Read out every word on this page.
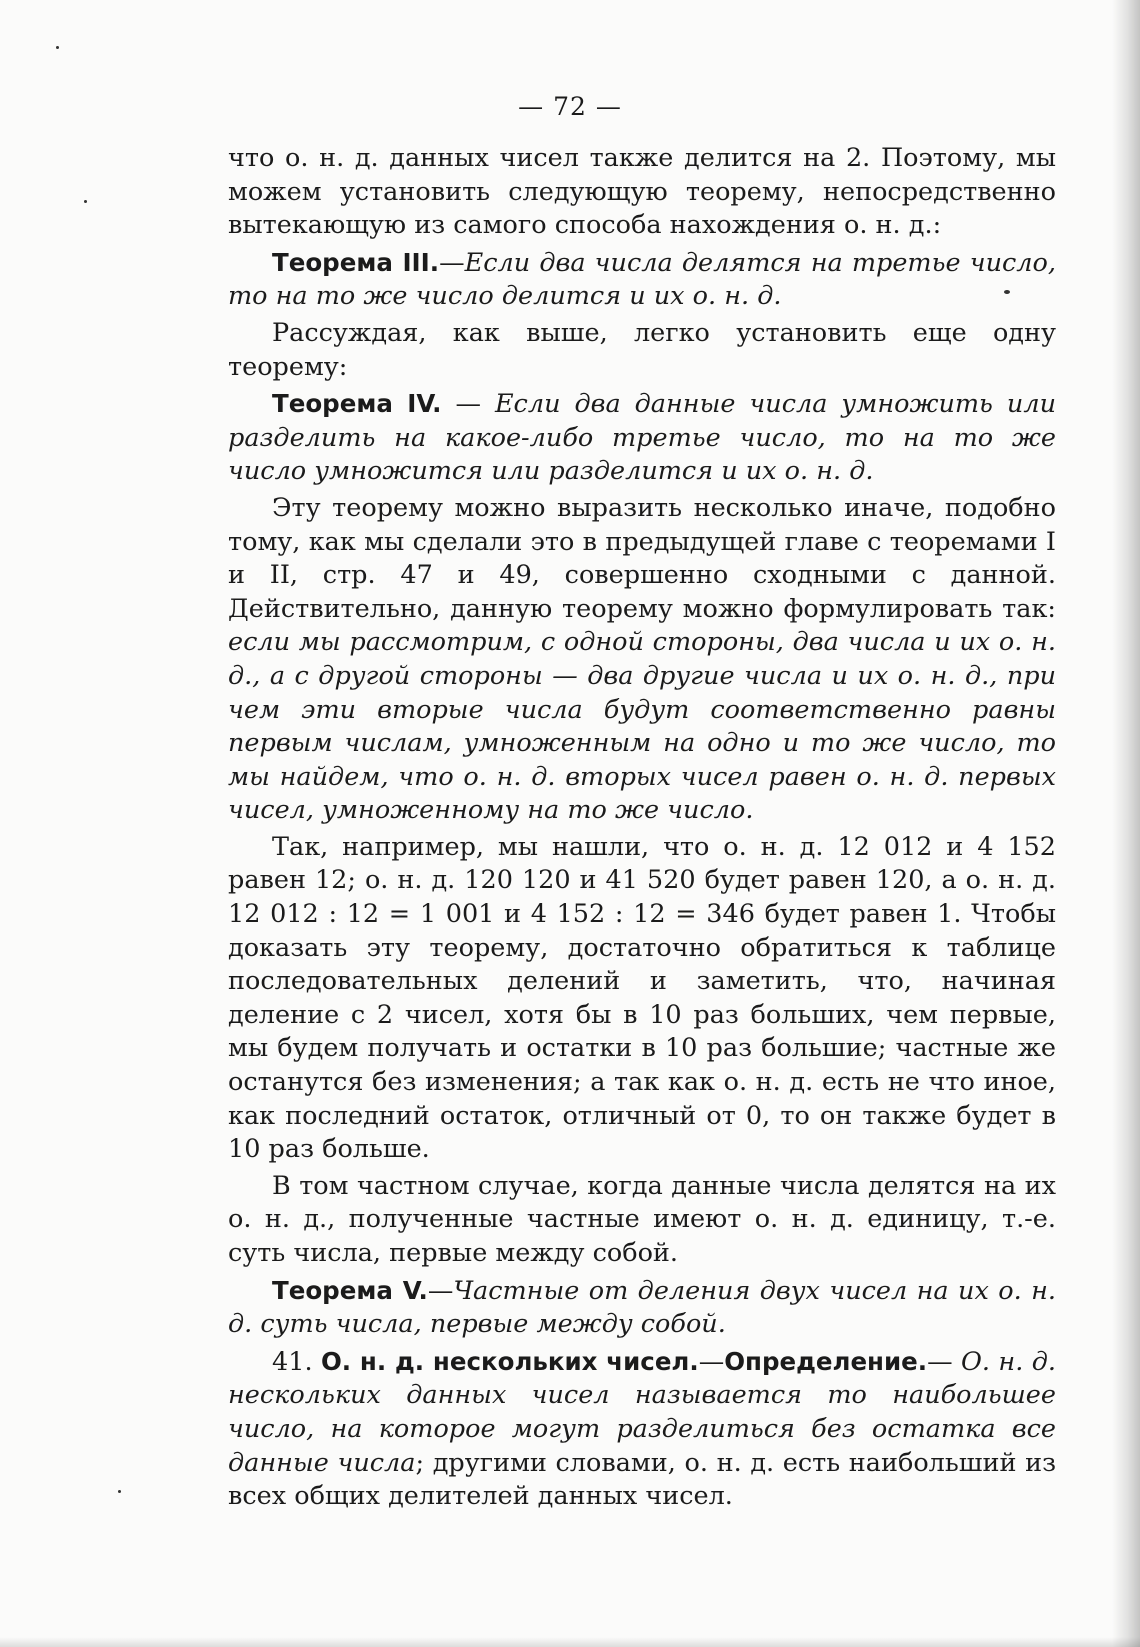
— 72 —

что о. н. д. данных чисел также делится на 2. Поэтому, мы можем установить следующую теорему, непосредственно вытекающую из самого способа нахождения о. н. д.:

Теорема III.—Если два числа делятся на третье число, то на то же число делится и их о. н. д.

Рассуждая, как выше, легко установить еще одну теорему:

Теорема IV. — Если два данные числа умножить или разделить на какое-либо третье число, то на то же число умножится или разделится и их о. н. д.

Эту теорему можно выразить несколько иначе, подобно тому, как мы сделали это в предыдущей главе с теоремами I и II, стр. 47 и 49, совершенно сходными с данной. Действительно, данную теорему можно формулировать так: если мы рассмотрим, с одной стороны, два числа и их о. н. д., а с другой стороны — два другие числа и их о. н. д., при чем эти вторые числа будут соответственно равны первым числам, умноженным на одно и то же число, то мы найдем, что о. н. д. вторых чисел равен о. н. д. первых чисел, умноженному на то же число.

Так, например, мы нашли, что о. н. д. 12 012 и 4 152 равен 12; о. н. д. 120 120 и 41 520 будет равен 120, а о. н. д. 12 012 : 12 = 1 001 и 4 152 : 12 = 346 будет равен 1. Чтобы доказать эту теорему, достаточно обратиться к таблице последовательных делений и заметить, что, начиная деление с 2 чисел, хотя бы в 10 раз больших, чем первые, мы будем получать и остатки в 10 раз большие; частные же останутся без изменения; а так как о. н. д. есть не что иное, как последний остаток, отличный от 0, то он также будет в 10 раз больше.

В том частном случае, когда данные числа делятся на их о. н. д., полученные частные имеют о. н. д. единицу, т.-е. суть числа, первые между собой.

Теорема V.—Частные от деления двух чисел на их о. н. д. суть числа, первые между собой.

41. О. н. д. нескольких чисел.—Определение.— О. н. д. нескольких данных чисел называется то наибольшее число, на которое могут разделиться без остатка все данные числа; другими словами, о. н. д. есть наибольший из всех общих делителей данных чисел.
